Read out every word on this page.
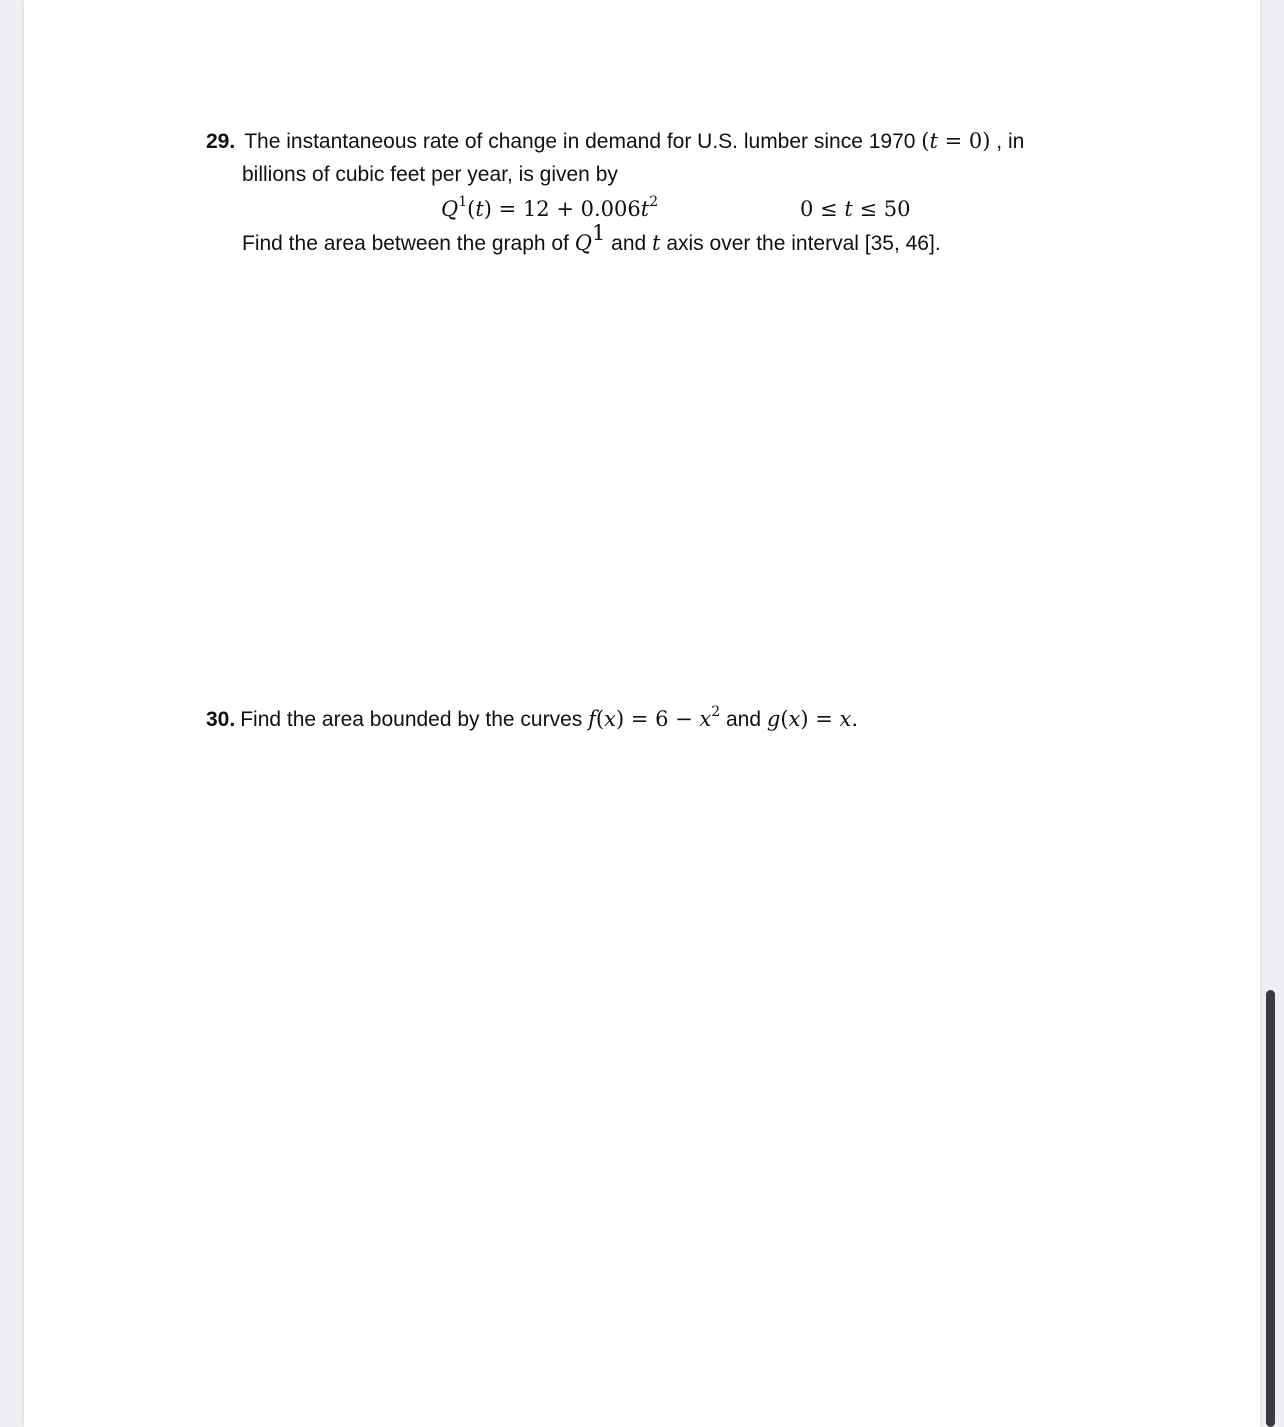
29. The instantaneous rate of change in demand for U.S. lumber since 1970 (t = 0) , in
billions of cubic feet per year, is given by
$Q^1(t) = 12 + 0.006t^2$	0 ≤ t ≤ 50
Find the area between the graph of $Q^1$ and t axis over the interval [35, 46].
30. Find the area bounded by the curves $f(x) = 6 - x^2$ and g(x) = x.
